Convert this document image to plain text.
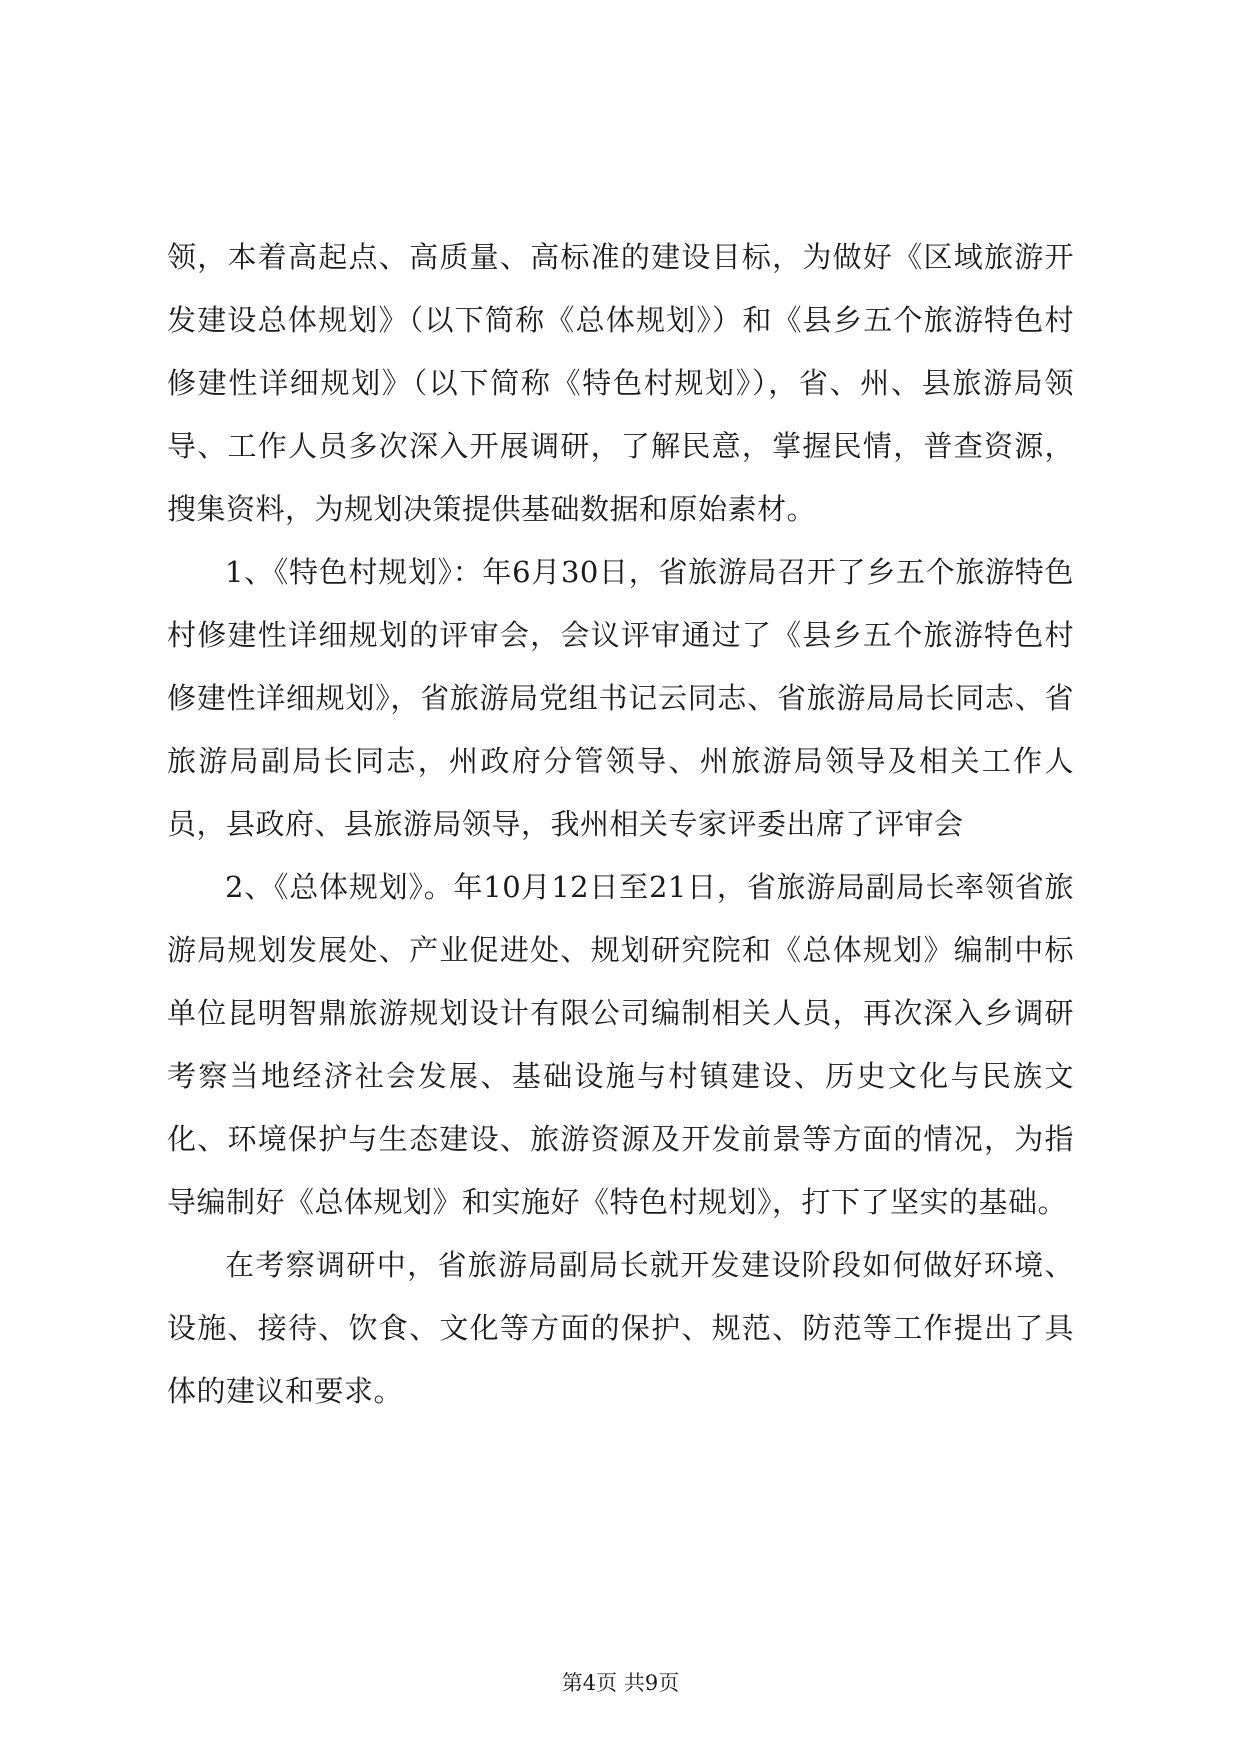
领，本着高起点、高质量、高标准的建设目标，为做好《区域旅游开发建设总体规划》（以下简称《总体规划》）和《县乡五个旅游特色村修建性详细规划》（以下简称《特色村规划》），省、州、县旅游局领导、工作人员多次深入开展调研，了解民意，掌握民情，普查资源，搜集资料，为规划决策提供基础数据和原始素材。

1、《特色村规划》：年6月30日，省旅游局召开了乡五个旅游特色村修建性详细规划的评审会，会议评审通过了《县乡五个旅游特色村修建性详细规划》，省旅游局党组书记云同志、省旅游局局长同志、省旅游局副局长同志，州政府分管领导、州旅游局领导及相关工作人员，县政府、县旅游局领导，我州相关专家评委出席了评审会

2、《总体规划》。年10月12日至21日，省旅游局副局长率领省旅游局规划发展处、产业促进处、规划研究院和《总体规划》编制中标单位昆明智鼎旅游规划设计有限公司编制相关人员，再次深入乡调研考察当地经济社会发展、基础设施与村镇建设、历史文化与民族文化、环境保护与生态建设、旅游资源及开发前景等方面的情况，为指导编制好《总体规划》和实施好《特色村规划》，打下了坚实的基础。

在考察调研中，省旅游局副局长就开发建设阶段如何做好环境、设施、接待、饮食、文化等方面的保护、规范、防范等工作提出了具体的建议和要求。

第4页 共9页
